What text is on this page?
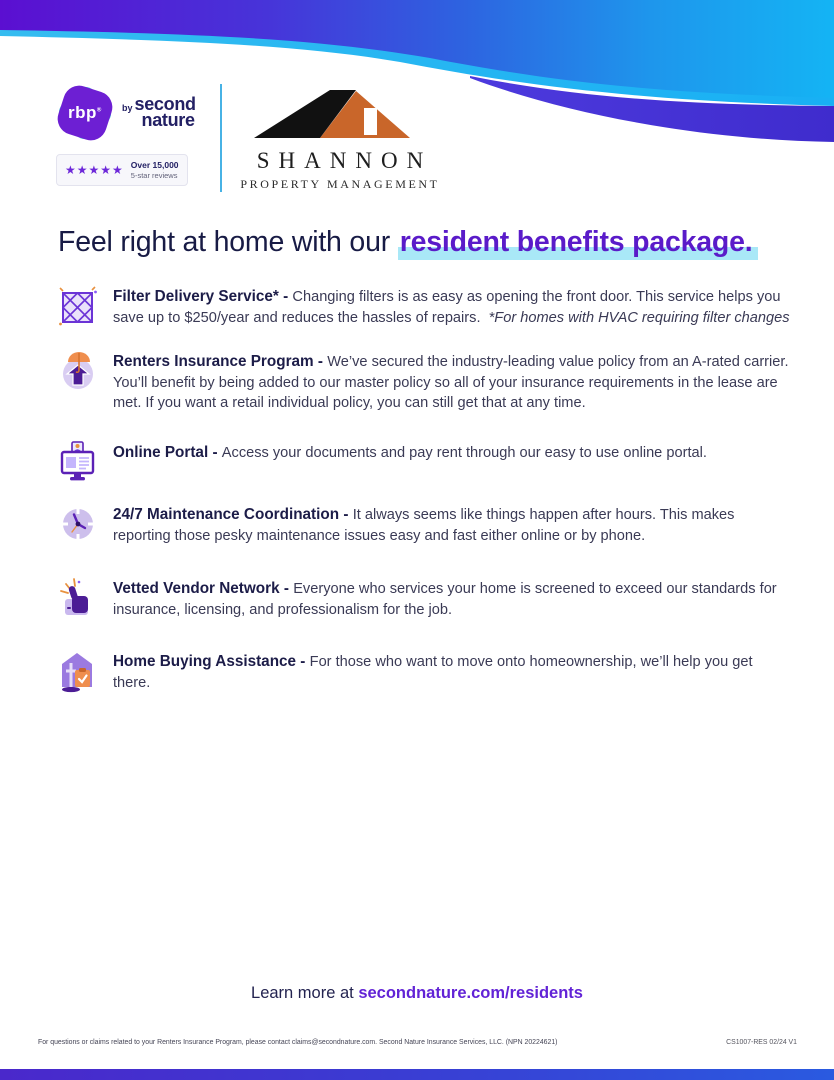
rbp® by second
nature
★★★★★ Over 15,000
5-star reviews
SHANNON
PROPERTY MANAGEMENT
Feel right at home with our resident benefits package.

Filter Delivery Service* - Changing filters is as easy as opening the front door. This service helps you save up to $250/year and reduces the hassles of repairs.  *For homes with HVAC requiring filter changes

Renters Insurance Program - We’ve secured the industry-leading value policy from an A-rated carrier. You’ll benefit by being added to our master policy so all of your insurance requirements in the lease are met. If you want a retail individual policy, you can still get that at any time.

Online Portal - Access your documents and pay rent through our easy to use online portal.

24/7 Maintenance Coordination - It always seems like things happen after hours. This makes reporting those pesky maintenance issues easy and fast either online or by phone.

Vetted Vendor Network - Everyone who services your home is screened to exceed our standards for insurance, licensing, and professionalism for the job.

Home Buying Assistance - For those who want to move onto homeownership, we’ll help you get there.

Learn more at secondnature.com/residents
For questions or claims related to your Renters Insurance Program, please contact claims@secondnature.com. Second Nature Insurance Services, LLC. (NPN 20224621)	CS1007-RES 02/24 V1
